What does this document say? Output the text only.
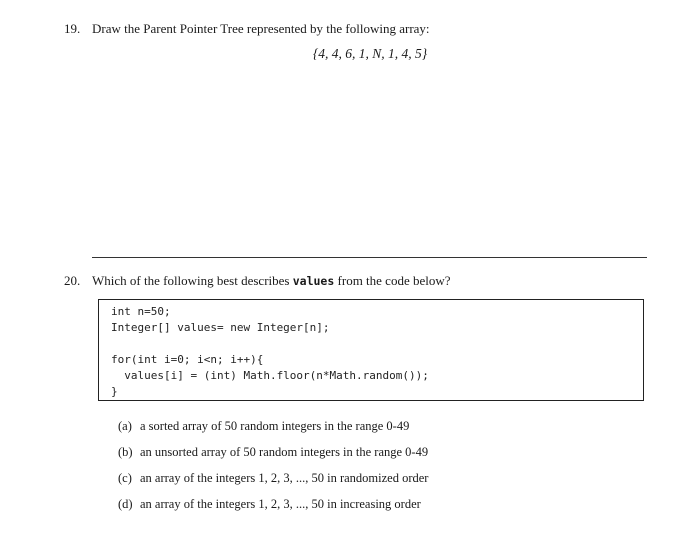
19. Draw the Parent Pointer Tree represented by the following array:
{4, 4, 6, 1, N, 1, 4, 5}
20. Which of the following best describes values from the code below?
int n=50;
Integer[] values= new Integer[n];
for(int i=0; i<n; i++){
values[i] = (int) Math.floor(n*Math.random());
}
(a) a sorted array of 50 random integers in the range 0-49
(b) an unsorted array of 50 random integers in the range 0-49
(c) an array of the integers 1, 2, 3, ..., 50 in randomized order
(d) an array of the integers 1, 2, 3, ..., 50 in increasing order
